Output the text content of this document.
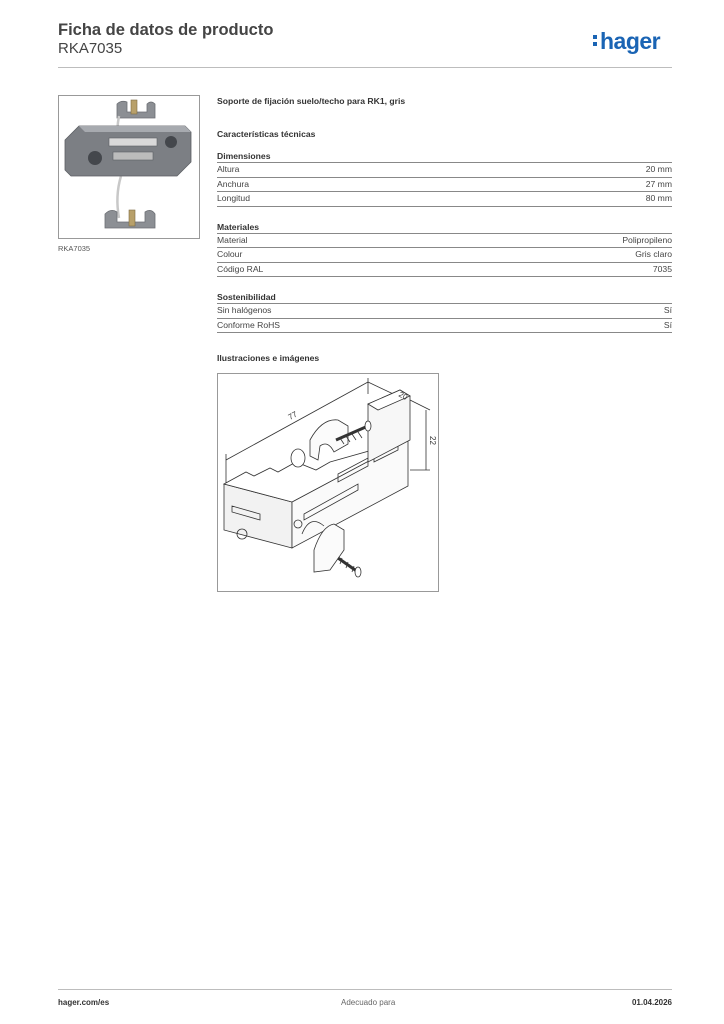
Ficha de datos de producto
RKA7035	hager
RKA7035
Soporte de fijación suelo/techo para RK1, gris
Características técnicas
Dimensiones
Altura	20 mm
Anchura	27 mm
Longitud	80 mm
Materiales
Material	Polipropileno
Colour	Gris claro
Código RAL	7035
Sostenibilidad
Sin halógenos	Sí
Conforme RoHS	Sí
Ilustraciones e imágenes
77
20
22
hager.com/es	Adecuado para	01.04.2026
